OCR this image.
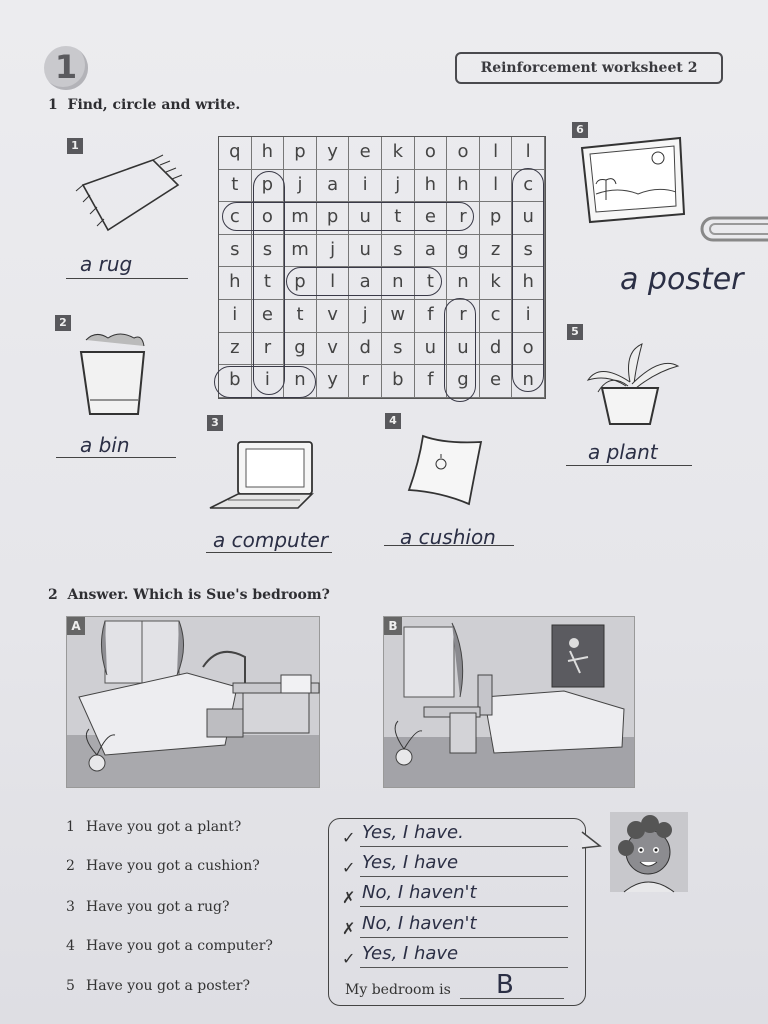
1	Reinforcement worksheet 2
1 Find, circle and write.
1
2
3	4
5
6
a rug
a bin
a computer	a cushion
a plant
a poster
q	h	p	y	e	k	o	o	l	l
t	p	j	a	i	j	h	h	l	c
c	o	m	p	u	t	e	r	p	u
s	s	m	j	u	s	a	g	z	s
h	t	p	l	a	n	t	n	k	h
i	e	t	v	j	w	f	r	c	i
z	r	g	v	d	s	u	u	d	o
b	i	n	y	r	b	f	g	e	n
2 Answer. Which is Sue's bedroom?
A	B
1 Have you got a plant?
2 Have you got a cushion?
3 Have you got a rug?
4 Have you got a computer?
5 Have you got a poster?
✓ Yes, I have.
✓ Yes, I have
✗ No, I haven't
✗ No, I haven't
✓ Yes, I have
My bedroom is B
